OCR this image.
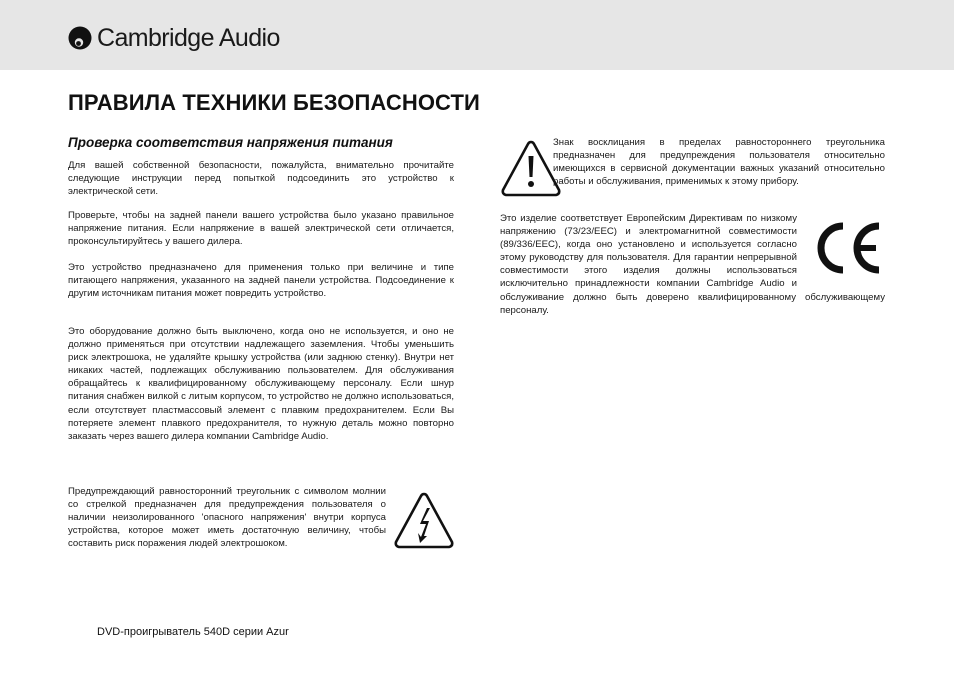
Cambridge Audio
ПРАВИЛА ТЕХНИКИ БЕЗОПАСНОСТИ
Проверка соответствия напряжения питания

Для вашей собственной безопасности, пожалуйста, внимательно прочитайте следующие инструкции перед попыткой подсоединить это устройство к электрической сети.

Проверьте, чтобы на задней панели вашего устройства было указано правильное напряжение питания. Если напряжение в вашей электрической сети отличается, проконсультируйтесь у вашего дилера.

Это устройство предназначено для применения только при величине и типе питающего напряжения, указанного на задней панели устройства. Подсоединение к другим источникам питания может повредить устройство.

Это оборудование должно быть выключено, когда оно не используется, и оно не должно применяться при отсутствии надлежащего заземления. Чтобы уменьшить риск электрошока, не удаляйте крышку устройства (или заднюю стенку). Внутри нет никаких частей, подлежащих обслуживанию пользователем. Для обслуживания обращайтесь к квалифицированному обслуживающему персоналу. Если шнур питания снабжен вилкой с литым корпусом, то устройство не должно использоваться, если отсутствует пластмассовый элемент с плавким предохранителем. Если Вы потеряете элемент плавкого предохранителя, то нужную деталь можно повторно заказать через вашего дилера компании Cambridge Audio.

Предупреждающий равносторонний треугольник с символом молнии со стрелкой предназначен для предупреждения пользователя о наличии неизолированного 'опасного напряжения' внутри корпуса устройства, которое может иметь достаточную величину, чтобы составить риск поражения людей электрошоком.

Знак восклицания в пределах равностороннего треугольника предназначен для предупреждения пользователя относительно имеющихся в сервисной документации важных указаний относительно работы и обслуживания, применимых к этому прибору.

Это изделие соответствует Европейским Директивам по низкому напряжению (73/23/EEC) и электромагнитной совместимости (89/336/EEC), когда оно установлено и используется согласно этому руководству для пользователя. Для гарантии непрерывной совместимости этого изделия должны использоваться исключительно принадлежности компании Cambridge Audio и обслуживание должно быть доверено квалифицированному обслуживающему персоналу.

DVD-проигрыватель 540D серии Azur
